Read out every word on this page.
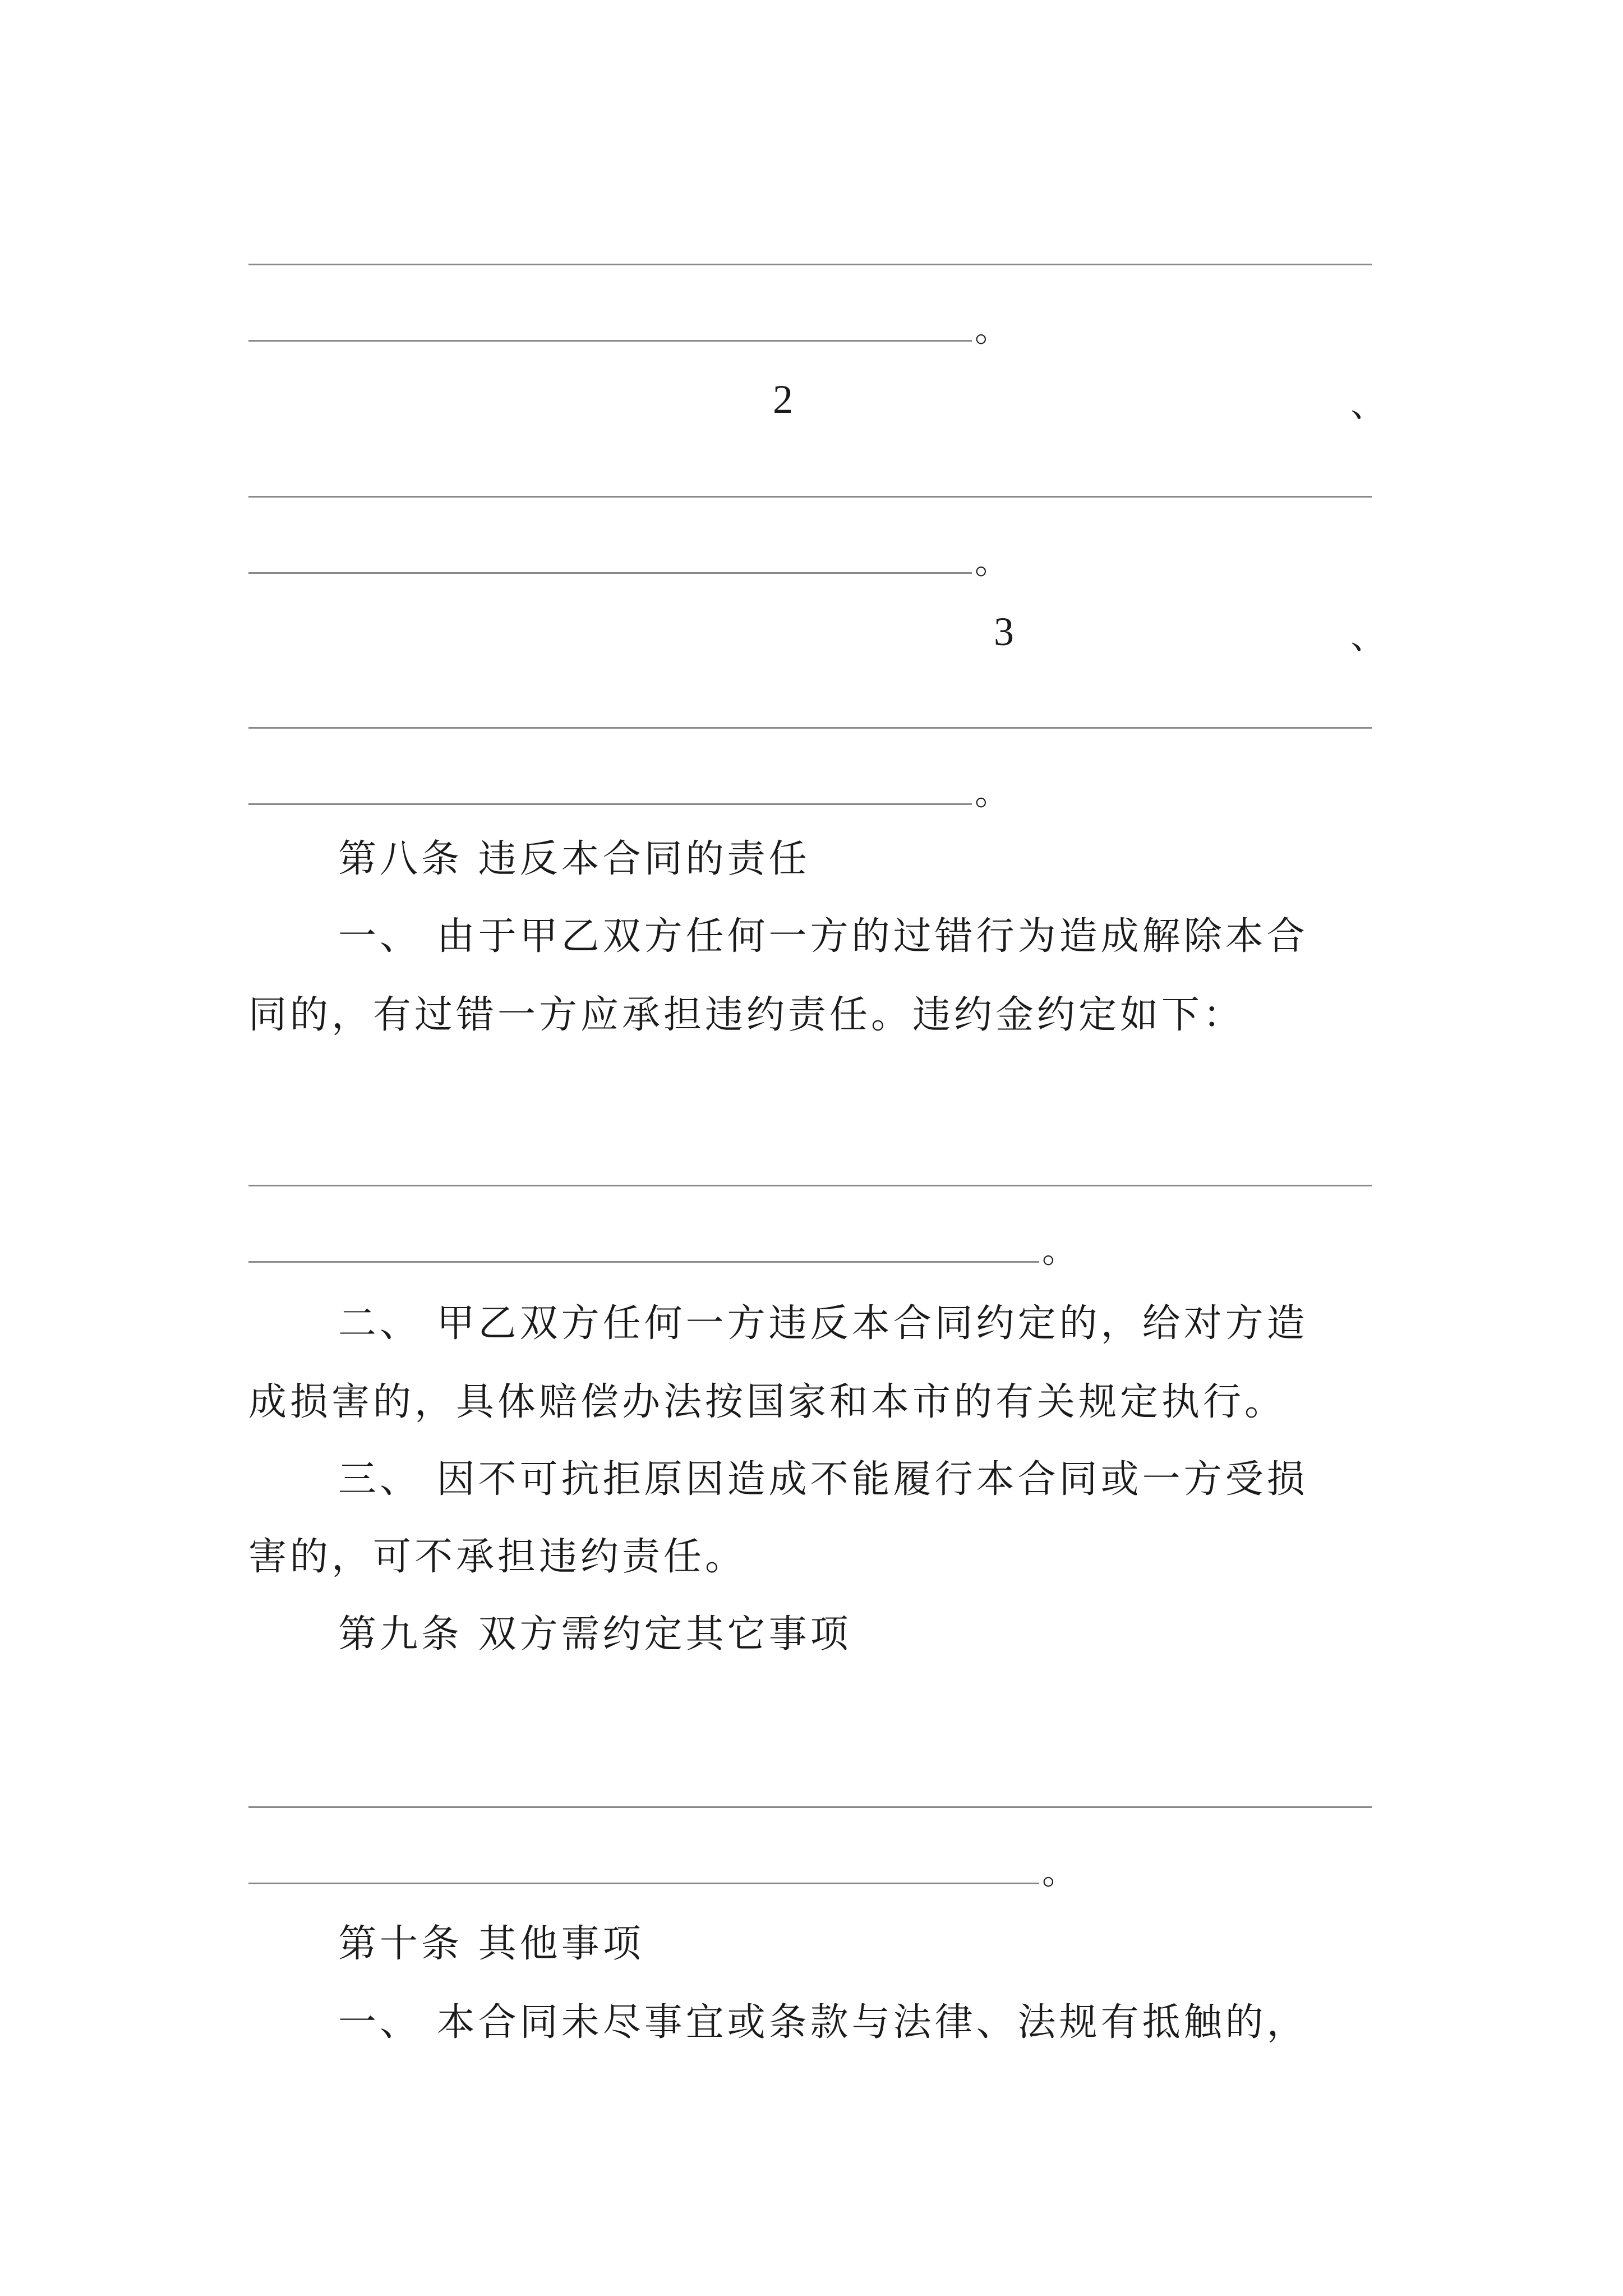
。
2	、
。
3	、
。
第八条 违反本合同的责任
一、 由于甲乙双方任何一方的过错行为造成解除本合
同的，有过错一方应承担违约责任。违约金约定如下：
。
二、 甲乙双方任何一方违反本合同约定的，给对方造
成损害的，具体赔偿办法按国家和本市的有关规定执行。
三、 因不可抗拒原因造成不能履行本合同或一方受损
害的，可不承担违约责任。
第九条 双方需约定其它事项
。
第十条 其他事项
一、 本合同未尽事宜或条款与法律、法规有抵触的，
